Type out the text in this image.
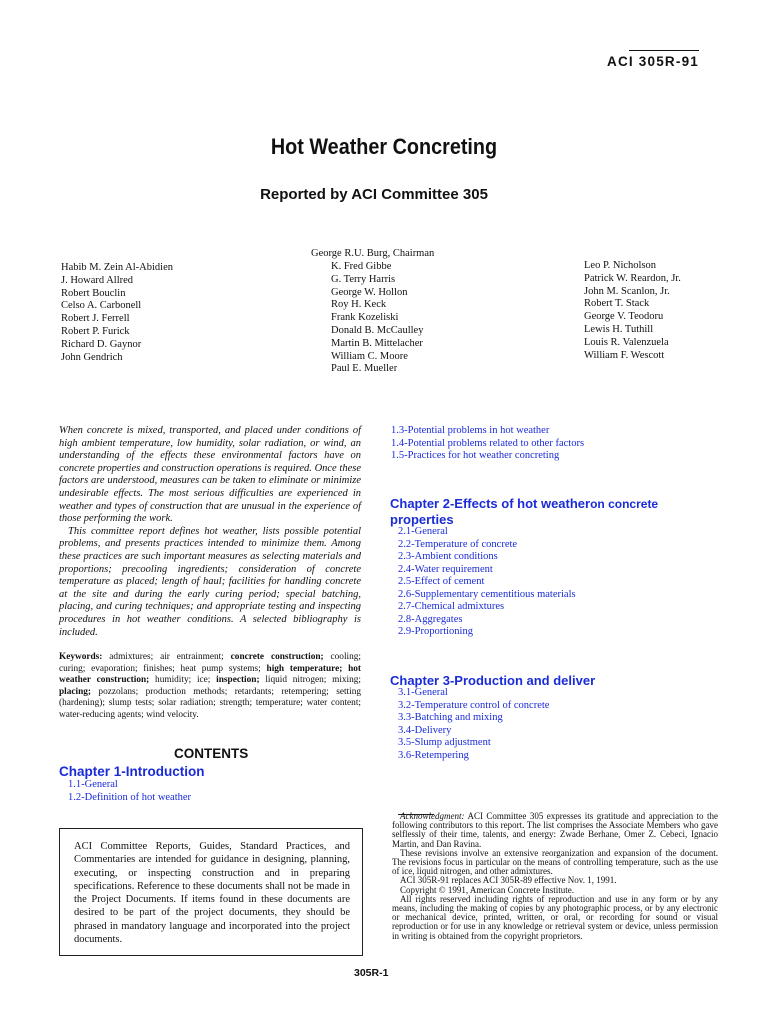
ACI 305R-91
Hot Weather Concreting
Reported by ACI Committee 305
George R.U. Burg, Chairman
Habib M. Zein Al-Abidien
J. Howard Allred
Robert Bouclin
Celso A. Carbonell
Robert J. Ferrell
Robert P. Furick
Richard D. Gaynor
John Gendrich
K. Fred Gibbe
G. Terry Harris
George W. Hollon
Roy H. Keck
Frank Kozeliski
Donald B. McCaulley
Martin B. Mittelacher
William C. Moore
Paul E. Mueller
Leo P. Nicholson
Patrick W. Reardon, Jr.
John M. Scanlon, Jr.
Robert T. Stack
George V. Teodoru
Lewis H. Tuthill
Louis R. Valenzuela
William F. Wescott

When concrete is mixed, transported, and placed under conditions of high ambient temperature, low humidity, solar radiation, or wind, an understanding of the effects these environmental factors have on concrete properties and construction operations is required. Once these factors are understood, measures can be taken to eliminate or minimize undesirable effects. The most serious difficulties are experienced in weather and types of construction that are unusual in the experience of those performing the work.

This committee report defines hot weather, lists possible potential problems, and presents practices intended to minimize them. Among these practices are such important measures as selecting materials and proportions; precooling ingredients; consideration of concrete temperature as placed; length of haul; facilities for handling concrete at the site and during the early curing period; special batching, placing, and curing techniques; and appropriate testing and inspecting procedures in hot weather conditions. A selected bibliography is included.

Keywords: admixtures; air entrainment; concrete construction; cooling; curing; evaporation; finishes; heat pump systems; high temperature; hot weather construction; humidity; ice; inspection; liquid nitrogen; mixing; placing; pozzolans; production methods; retardants; retempering; setting (hardening); slump tests; solar radiation; strength; temperature; water content; water-reducing agents; wind velocity.
CONTENTS
Chapter 1-Introduction
1.1-General
1.2-Definition of hot weather
1.3-Potential problems in hot weather
1.4-Potential problems related to other factors
1.5-Practices for hot weather concreting
Chapter 2-Effects of hot weatheron concrete
properties
2.1-General
2.2-Temperature of concrete
2.3-Ambient conditions
2.4-Water requirement
2.5-Effect of cement
2.6-Supplementary cementitious materials
2.7-Chemical admixtures
2.8-Aggregates
2.9-Proportioning
Chapter 3-Production and deliver
3.1-General
3.2-Temperature control of concrete
3.3-Batching and mixing
3.4-Delivery
3.5-Slump adjustment
3.6-Retempering
ACI Committee Reports, Guides, Standard Practices, and Commentaries are intended for guidance in designing, planning, executing, or inspecting construction and in preparing specifications. Reference to these documents shall not be made in the Project Documents. If items found in these documents are desired to be part of the project documents, they should be phrased in mandatory language and incorporated into the project documents.

Acknowledgment: ACI Committee 305 expresses its gratitude and appreciation to the following contributors to this report. The list comprises the Associate Members who gave selflessly of their time, talents, and energy: Zwade Berhane, Omer Z. Cebeci, Ignacio Martin, and Dan Ravina.

These revisions involve an extensive reorganization and expansion of the document. The revisions focus in particular on the means of controlling temperature, such as the use of ice, liquid nitrogen, and other admixtures.

ACI 305R-91 replaces ACI 305R-89 effective Nov. 1, 1991.

Copyright © 1991, American Concrete Institute.

All rights reserved including rights of reproduction and use in any form or by any means, including the making of copies by any photographic process, or by any electronic or mechanical device, printed, written, or oral, or recording for sound or visual reproduction or for use in any knowledge or retrieval system or device, unless permission in writing is obtained from the copyright proprietors.

305R-1
